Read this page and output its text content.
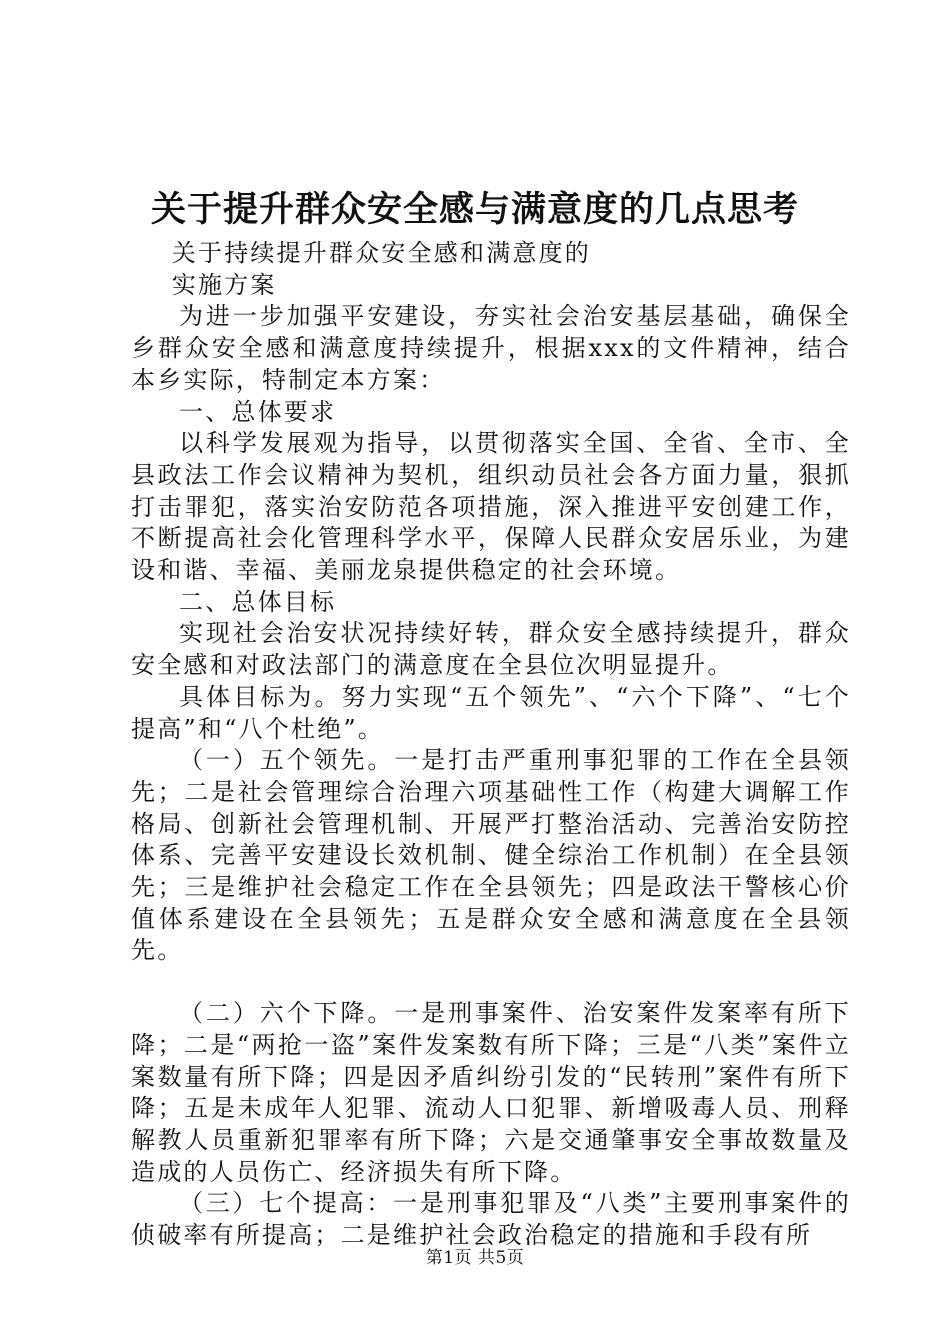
关于提升群众安全感与满意度的几点思考

关于持续提升群众安全感和满意度的

实施方案

为进一步加强平安建设，夯实社会治安基层基础，确保全乡群众安全感和满意度持续提升，根据xxx的文件精神，结合本乡实际，特制定本方案：

一、总体要求

以科学发展观为指导，以贯彻落实全国、全省、全市、全县政法工作会议精神为契机，组织动员社会各方面力量，狠抓打击罪犯，落实治安防范各项措施，深入推进平安创建工作，不断提高社会化管理科学水平，保障人民群众安居乐业，为建设和谐、幸福、美丽龙泉提供稳定的社会环境。

二、总体目标

实现社会治安状况持续好转，群众安全感持续提升，群众安全感和对政法部门的满意度在全县位次明显提升。

具体目标为。努力实现“五个领先”、“六个下降”、“七个提高”和“八个杜绝”。

（一）五个领先。一是打击严重刑事犯罪的工作在全县领先；二是社会管理综合治理六项基础性工作（构建大调解工作格局、创新社会管理机制、开展严打整治活动、完善治安防控体系、完善平安建设长效机制、健全综治工作机制）在全县领先；三是维护社会稳定工作在全县领先；四是政法干警核心价值体系建设在全县领先；五是群众安全感和满意度在全县领先。

（二）六个下降。一是刑事案件、治安案件发案率有所下降；二是“两抢一盗”案件发案数有所下降；三是“八类”案件立案数量有所下降；四是因矛盾纠纷引发的“民转刑”案件有所下降；五是未成年人犯罪、流动人口犯罪、新增吸毒人员、刑释解教人员重新犯罪率有所下降；六是交通肇事安全事故数量及造成的人员伤亡、经济损失有所下降。

（三）七个提高：一是刑事犯罪及“八类”主要刑事案件的侦破率有所提高；二是维护社会政治稳定的措施和手段有所

第1页 共5页
